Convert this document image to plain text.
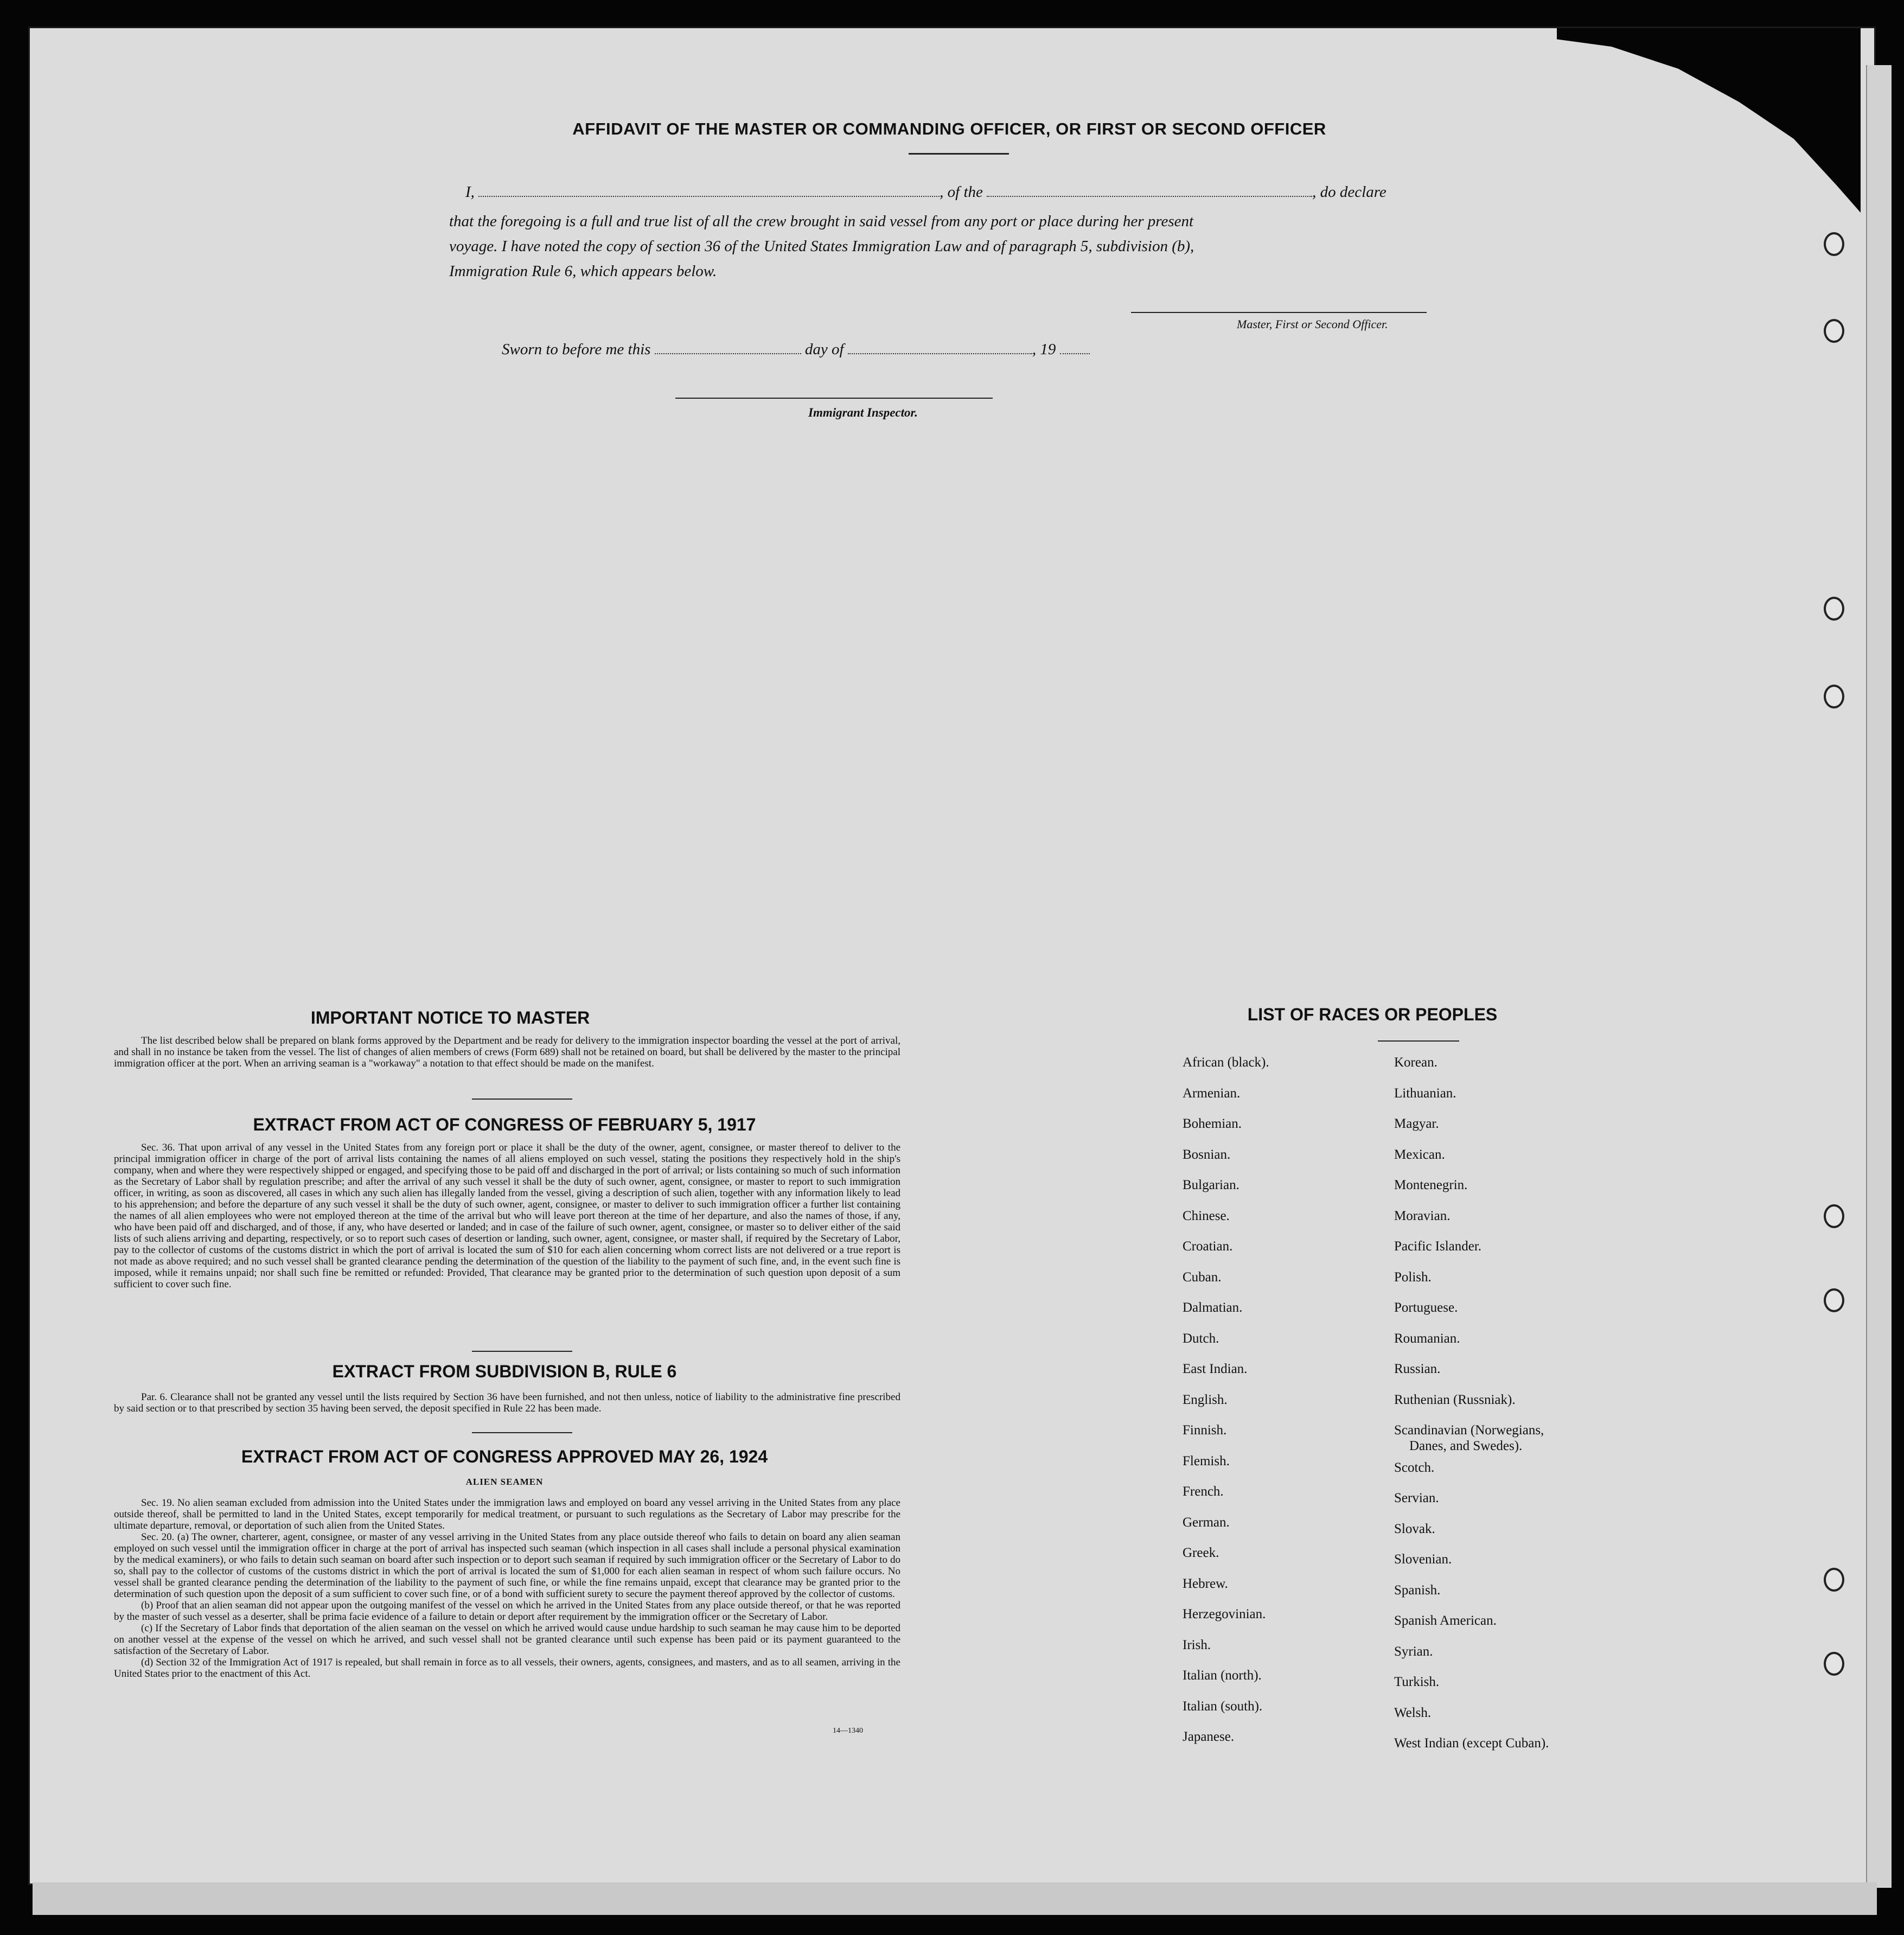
AFFIDAVIT OF THE MASTER OR COMMANDING OFFICER, OR FIRST OR SECOND OFFICER
I,	, of the	, do declare
that the foregoing is a full and true list of all the crew brought in said vessel from any port or place during her present
voyage. I have noted the copy of section 36 of the United States Immigration Law and of paragraph 5, subdivision (b),
Immigration Rule 6, which appears below.
Master, First or Second Officer.
Sworn to before me this	day of	, 19
Immigrant Inspector.
IMPORTANT NOTICE TO MASTER
The list described below shall be prepared on blank forms approved by the Department and be ready for delivery to the immigration inspector boarding the vessel at the port of arrival, and shall in no instance be taken from the vessel. The list of changes of alien members of crews (Form 689) shall not be retained on board, but shall be delivered by the master to the principal immigration officer at the port. When an arriving seaman is a "workaway" a notation to that effect should be made on the manifest.
EXTRACT FROM ACT OF CONGRESS OF FEBRUARY 5, 1917
Sec. 36. That upon arrival of any vessel in the United States from any foreign port or place it shall be the duty of the owner, agent, consignee, or master thereof to deliver to the principal immigration officer in charge of the port of arrival lists containing the names of all aliens employed on such vessel, stating the positions they respectively hold in the ship's company, when and where they were respectively shipped or engaged, and specifying those to be paid off and discharged in the port of arrival; or lists containing so much of such information as the Secretary of Labor shall by regulation prescribe; and after the arrival of any such vessel it shall be the duty of such owner, agent, consignee, or master to report to such immigration officer, in writing, as soon as discovered, all cases in which any such alien has illegally landed from the vessel, giving a description of such alien, together with any information likely to lead to his apprehension; and before the departure of any such vessel it shall be the duty of such owner, agent, consignee, or master to deliver to such immigration officer a further list containing the names of all alien employees who were not employed thereon at the time of the arrival but who will leave port thereon at the time of her departure, and also the names of those, if any, who have been paid off and discharged, and of those, if any, who have deserted or landed; and in case of the failure of such owner, agent, consignee, or master so to deliver either of the said lists of such aliens arriving and departing, respectively, or so to report such cases of desertion or landing, such owner, agent, consignee, or master shall, if required by the Secretary of Labor, pay to the collector of customs of the customs district in which the port of arrival is located the sum of $10 for each alien concerning whom correct lists are not delivered or a true report is not made as above required; and no such vessel shall be granted clearance pending the determination of the question of the liability to the payment of such fine, and, in the event such fine is imposed, while it remains unpaid; nor shall such fine be remitted or refunded: Provided, That clearance may be granted prior to the determination of such question upon deposit of a sum sufficient to cover such fine.
EXTRACT FROM SUBDIVISION B, RULE 6
Par. 6. Clearance shall not be granted any vessel until the lists required by Section 36 have been furnished, and not then unless, notice of liability to the administrative fine prescribed by said section or to that prescribed by section 35 having been served, the deposit specified in Rule 22 has been made.
EXTRACT FROM ACT OF CONGRESS APPROVED MAY 26, 1924
ALIEN SEAMEN
Sec. 19. No alien seaman excluded from admission into the United States under the immigration laws and employed on board any vessel arriving in the United States from any place outside thereof, shall be permitted to land in the United States, except temporarily for medical treatment, or pursuant to such regulations as the Secretary of Labor may prescribe for the ultimate departure, removal, or deportation of such alien from the United States.
Sec. 20. (a) The owner, charterer, agent, consignee, or master of any vessel arriving in the United States from any place outside thereof who fails to detain on board any alien seaman employed on such vessel until the immigration officer in charge at the port of arrival has inspected such seaman (which inspection in all cases shall include a personal physical examination by the medical examiners), or who fails to detain such seaman on board after such inspection or to deport such seaman if required by such immigration officer or the Secretary of Labor to do so, shall pay to the collector of customs of the customs district in which the port of arrival is located the sum of $1,000 for each alien seaman in respect of whom such failure occurs. No vessel shall be granted clearance pending the determination of the liability to the payment of such fine, or while the fine remains unpaid, except that clearance may be granted prior to the determination of such question upon the deposit of a sum sufficient to cover such fine, or of a bond with sufficient surety to secure the payment thereof approved by the collector of customs.
(b) Proof that an alien seaman did not appear upon the outgoing manifest of the vessel on which he arrived in the United States from any place outside thereof, or that he was reported by the master of such vessel as a deserter, shall be prima facie evidence of a failure to detain or deport after requirement by the immigration officer or the Secretary of Labor.
(c) If the Secretary of Labor finds that deportation of the alien seaman on the vessel on which he arrived would cause undue hardship to such seaman he may cause him to be deported on another vessel at the expense of the vessel on which he arrived, and such vessel shall not be granted clearance until such expense has been paid or its payment guaranteed to the satisfaction of the Secretary of Labor.
(d) Section 32 of the Immigration Act of 1917 is repealed, but shall remain in force as to all vessels, their owners, agents, consignees, and masters, and as to all seamen, arriving in the United States prior to the enactment of this Act.
14—1340
LIST OF RACES OR PEOPLES
African (black).
Armenian.
Bohemian.
Bosnian.
Bulgarian.
Chinese.
Croatian.
Cuban.
Dalmatian.
Dutch.
East Indian.
English.
Finnish.
Flemish.
French.
German.
Greek.
Hebrew.
Herzegovinian.
Irish.
Italian (north).
Italian (south).
Japanese.
Korean.
Lithuanian.
Magyar.
Mexican.
Montenegrin.
Moravian.
Pacific Islander.
Polish.
Portuguese.
Roumanian.
Russian.
Ruthenian (Russniak).
Scandinavian (Norwegians,
Danes, and Swedes).
Scotch.
Servian.
Slovak.
Slovenian.
Spanish.
Spanish American.
Syrian.
Turkish.
Welsh.
West Indian (except Cuban).
